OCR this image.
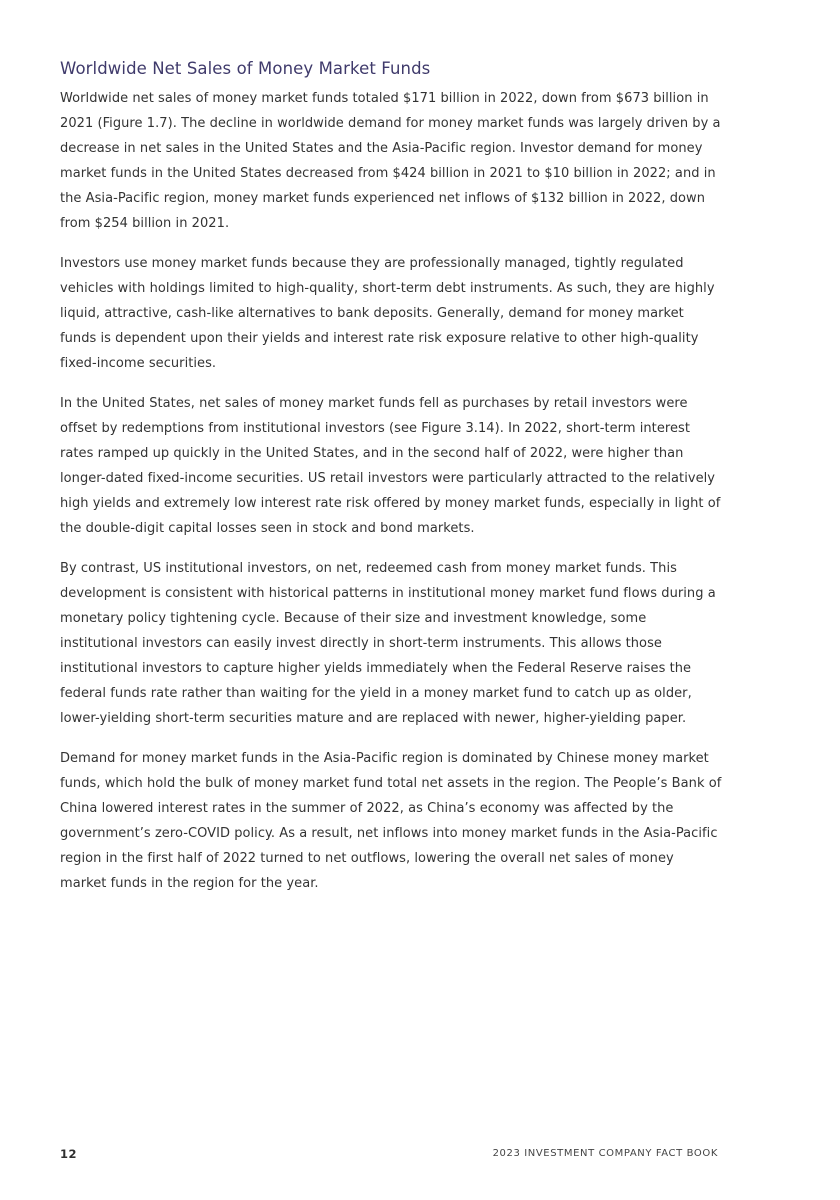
Worldwide Net Sales of Money Market Funds

Worldwide net sales of money market funds totaled $171 billion in 2022, down from $673 billion in 2021 (Figure 1.7). The decline in worldwide demand for money market funds was largely driven by a decrease in net sales in the United States and the Asia-Pacific region. Investor demand for money market funds in the United States decreased from $424 billion in 2021 to $10 billion in 2022; and in the Asia-Pacific region, money market funds experienced net inflows of $132 billion in 2022, down from $254 billion in 2021.

Investors use money market funds because they are professionally managed, tightly regulated vehicles with holdings limited to high-quality, short-term debt instruments. As such, they are highly liquid, attractive, cash-like alternatives to bank deposits. Generally, demand for money market funds is dependent upon their yields and interest rate risk exposure relative to other high-quality fixed-income securities.

In the United States, net sales of money market funds fell as purchases by retail investors were offset by redemptions from institutional investors (see Figure 3.14). In 2022, short-term interest rates ramped up quickly in the United States, and in the second half of 2022, were higher than longer-dated fixed-income securities. US retail investors were particularly attracted to the relatively high yields and extremely low interest rate risk offered by money market funds, especially in light of the double-digit capital losses seen in stock and bond markets.

By contrast, US institutional investors, on net, redeemed cash from money market funds. This development is consistent with historical patterns in institutional money market fund flows during a monetary policy tightening cycle. Because of their size and investment knowledge, some institutional investors can easily invest directly in short-term instruments. This allows those institutional investors to capture higher yields immediately when the Federal Reserve raises the federal funds rate rather than waiting for the yield in a money market fund to catch up as older, lower-yielding short-term securities mature and are replaced with newer, higher-yielding paper.

Demand for money market funds in the Asia-Pacific region is dominated by Chinese money market funds, which hold the bulk of money market fund total net assets in the region. The People’s Bank of China lowered interest rates in the summer of 2022, as China’s economy was affected by the government’s zero-COVID policy. As a result, net inflows into money market funds in the Asia-Pacific region in the first half of 2022 turned to net outflows, lowering the overall net sales of money market funds in the region for the year.

12	2023 INVESTMENT COMPANY FACT BOOK
